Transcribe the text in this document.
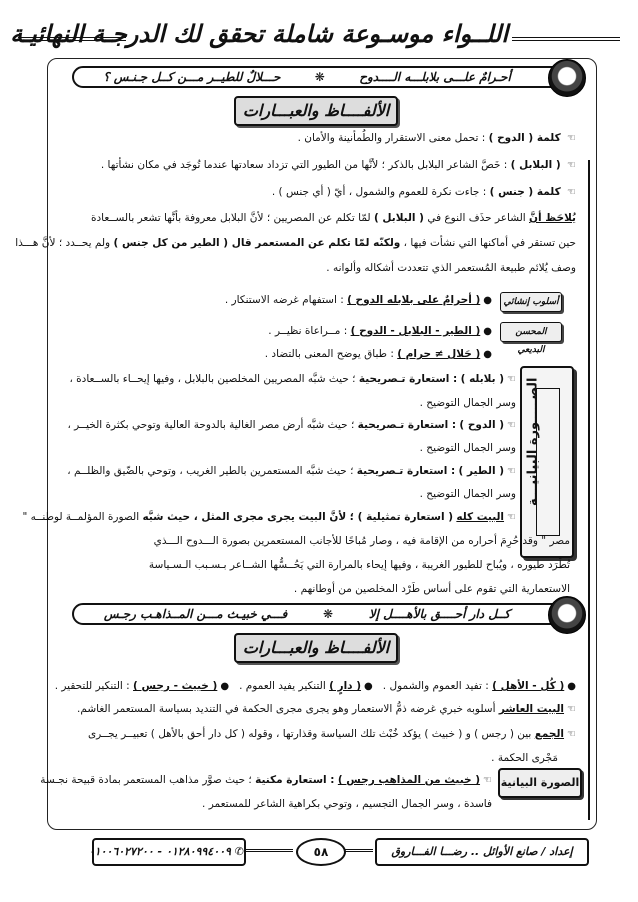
اللــواء موسـوعة شاملة تحقق لك الدرجـة النهائيـة
أحـرامٌ علـــى بلابلـــه الــــدوح
❋
حـــلالٌ للطيــر مـــن كــل جـنـس ؟
الألفــــاظ والعبـــارات
☜ كلمة ( الدوح ) : تحمل معنى الاستقرار والطُمأنينة والأمان .
☜ ( البلابل ) : خَصَّ الشاعر البلابل بالذكر ؛ لأنَّها من الطيور التي تزداد سعادتها عندما تُوجَد في مكان نشأتها .
☜ كلمة ( جنس ) : جاءت نكرة للعموم والشمول ، أيّ ( أي جنس ) .
يُلاحَظ أنَّ الشاعر حذَف النوع في ( البلابل ) لمّا تكلم عن المصريين ؛ لأنَّ البلابل معروفة بأنَّها تشعر بالســعادة
حين تستقر في أماكنها التي نشأت فيها ، ولكنّه لمّا تكلم عن المستعمر قال ( الطير من كل جنس ) ولم يحــدد ؛ لأنَّ هـــذا
وصف يُلائم طبيعة المُستعمر الذي تتعددت أشكاله وألوانه .
أسلوب إنشائي
●( أحرامٌ على بلابله الدوح ) : استفهام غرضه الاستنكار .
المحسن البديعي
●( الطير - البلابل - الدوح ) : مــراعاة نظيــر .
●( حَلال ≠ حرام ) : طباق يوضح المعنى بالتضاد .
الصـــــورة البيانيـــة
☜( بلابله ) : استعارة تـصريحية ؛ حيث شبَّه المصريين المخلصين بالبلابل ، وفيها إيحــاء بالســعادة ،
وسر الجمال التوضيح .
☜( الدوح ) : استعارة تـصريحية ؛ حيث شبَّه أرض مصر الغالية بالدوحة العالية وتوحي بكثرة الخيــر ،
وسر الجمال التوضيح .
☜( الطير ) : استعارة تـصريحية ؛ حيث شبَّه المستعمرين بالطير الغريب ، وتوحي بالضّيق والظلــم ،
وسر الجمال التوضيح .
☜البيت كله ( استعارة تمثيلية ) ؛ لأنَّ البيت يجرى مجرى المثل ، حيث شبَّه الصورة المؤلمــة لوطنــه "
مصر " وقد حُرِمَ أحراره من الإقامة فيه ، وصار مُباحًا للأجانب المستعمرين بصورة الـــدوح الـــذي
تُطْرَد طيوره ، ويُباح للطيور الغريبة ، وفيها إيحاء بالمرارة التي يَحُــسُّها الشــاعر بـسـبب الـسـياسة
الاستعمارية التي تقوم على أساس طَرْد المخلصين من أوطانهم .
كــل دار أحــــق بالأهــــل إلا
❋
فـــي خبيـث مـــن المــذاهـب رجـس
الألفــــاظ والعبـــارات
●( كُل - الأهل ) : تفيد العموم والشمول .   ●( دارٍ ) التنكير يفيد العموم .   ●( خبيث - رجس ) : التنكير للتحقير .
☜البيت العاشر أسلوبه خبري غرضه ذمُّ الاستعمار وهو يجرى مجرى الحكمة في التنديد بسياسة المستعمر الغاشم.
☜الجمع بين ( رجس ) و ( خبيث ) يؤكد خُبْث تلك السياسة وقذارتها ، وقوله ( كل دار أحق بالأهل ) تعبيــر يجــرى
مَجْرى الحكمة .
الصورة البيانية
☜( خبيث من المذاهب رجس ) : استعارة مكنية ؛ حيث صوَّر مذاهب المستعمر بمادة قبيحة نجـسة
فاسدة ، وسر الجمال التجسيم ، وتوحي بكراهية الشاعر للمستعمر .
إعداد / صانع الأوائل .. رضـــا الفـــاروق
٥٨
✆ ٠١٢٨٠٩٩٤٠٠٩ - ٠١٠٠٦٠٢٧٢٠٠
